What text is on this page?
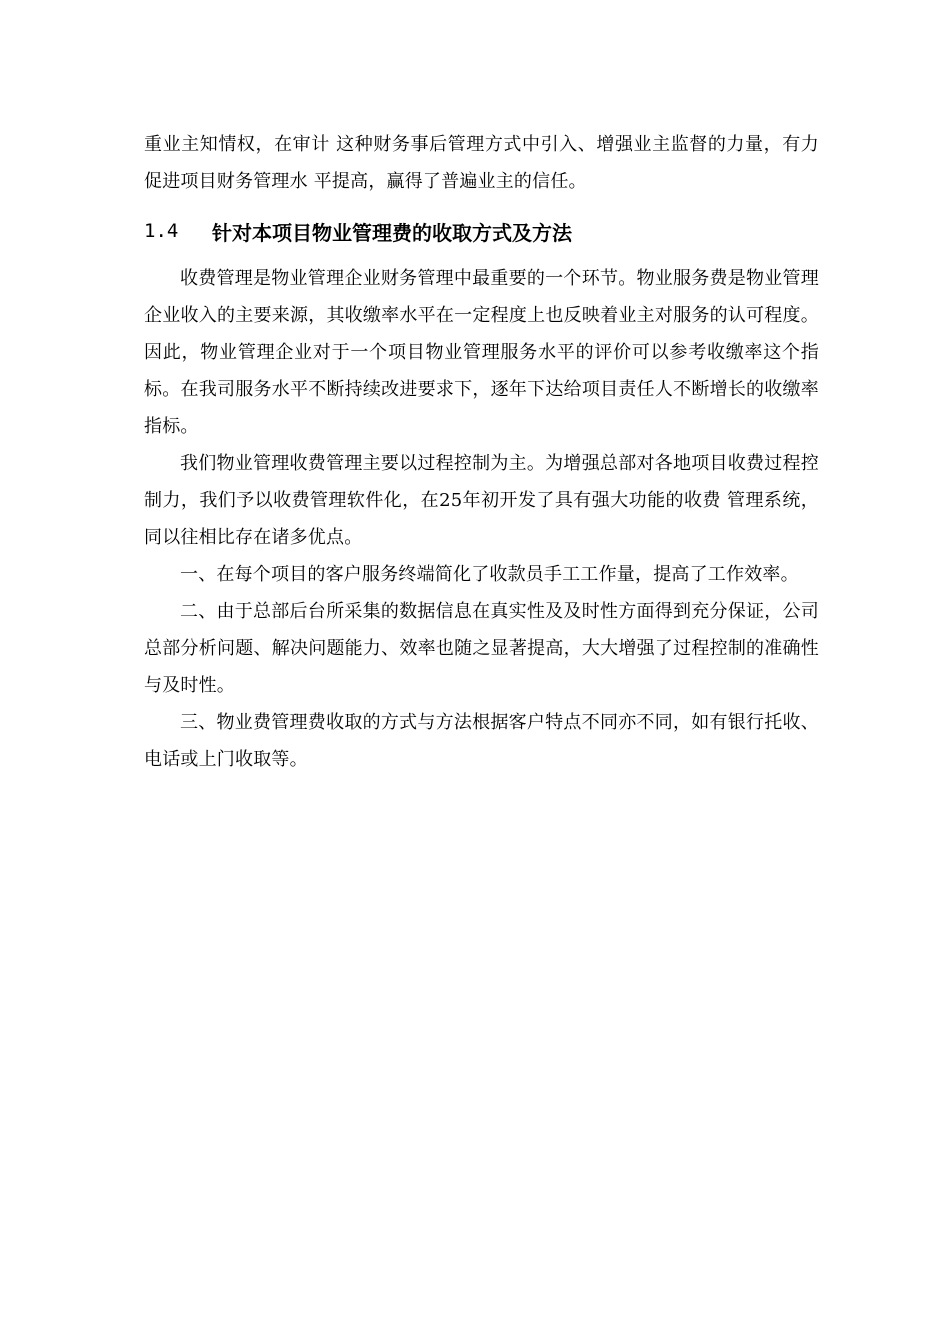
重业主知情权，在审计 这种财务事后管理方式中引入、增强业主监督的力量，有力促进项目财务管理水 平提高，赢得了普遍业主的信任。

1.4	针对本项目物业管理费的收取方式及方法

收费管理是物业管理企业财务管理中最重要的一个环节。物业服务费是物业管理企业收入的主要来源，其收缴率水平在一定程度上也反映着业主对服务的认可程度。因此，物业管理企业对于一个项目物业管理服务水平的评价可以参考收缴率这个指标。在我司服务水平不断持续改进要求下，逐年下达给项目责任人不断增长的收缴率指标。

我们物业管理收费管理主要以过程控制为主。为增强总部对各地项目收费过程控制力，我们予以收费管理软件化，在25年初开发了具有强大功能的收费 管理系统，同以往相比存在诸多优点。

一、在每个项目的客户服务终端简化了收款员手工工作量，提高了工作效率。

二、由于总部后台所采集的数据信息在真实性及及时性方面得到充分保证，公司总部分析问题、解决问题能力、效率也随之显著提高，大大增强了过程控制的准确性与及时性。

三、物业费管理费收取的方式与方法根据客户特点不同亦不同，如有银行托收、电话或上门收取等。
